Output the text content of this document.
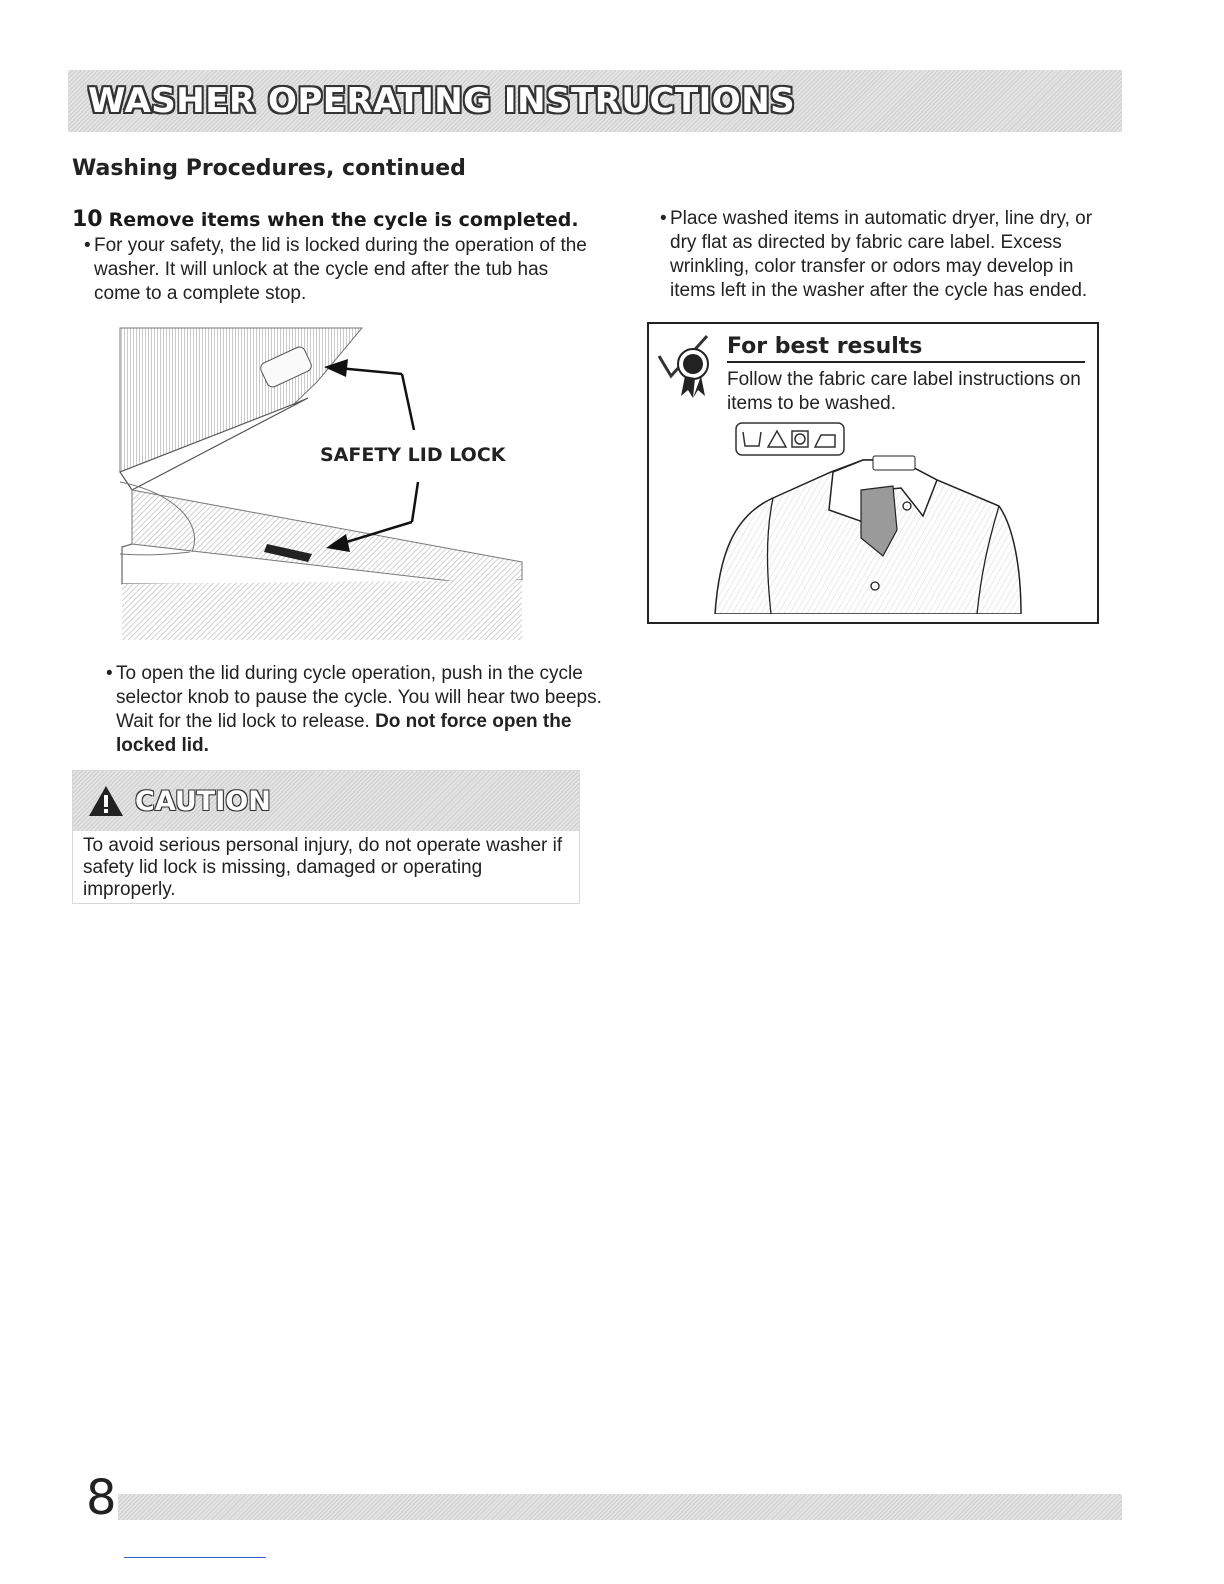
WASHER OPERATING INSTRUCTIONS
Washing Procedures, continued

10 Remove items when the cycle is completed.

• For your safety, the lid is locked during the operation of the washer. It will unlock at the cycle end after the tub has come to a complete stop.
SAFETY LID LOCK
• To open the lid during cycle operation, push in the cycle selector knob to pause the cycle. You will hear two beeps. Wait for the lid lock to release. Do not force open the locked lid.
CAUTION
To avoid serious personal injury, do not operate washer if safety lid lock is missing, damaged or operating improperly.
• Place washed items in automatic dryer, line dry, or dry flat as directed by fabric care label. Excess wrinkling, color transfer or odors may develop in items left in the washer after the cycle has ended.
For best results
Follow the fabric care label instructions on items to be washed.
8
